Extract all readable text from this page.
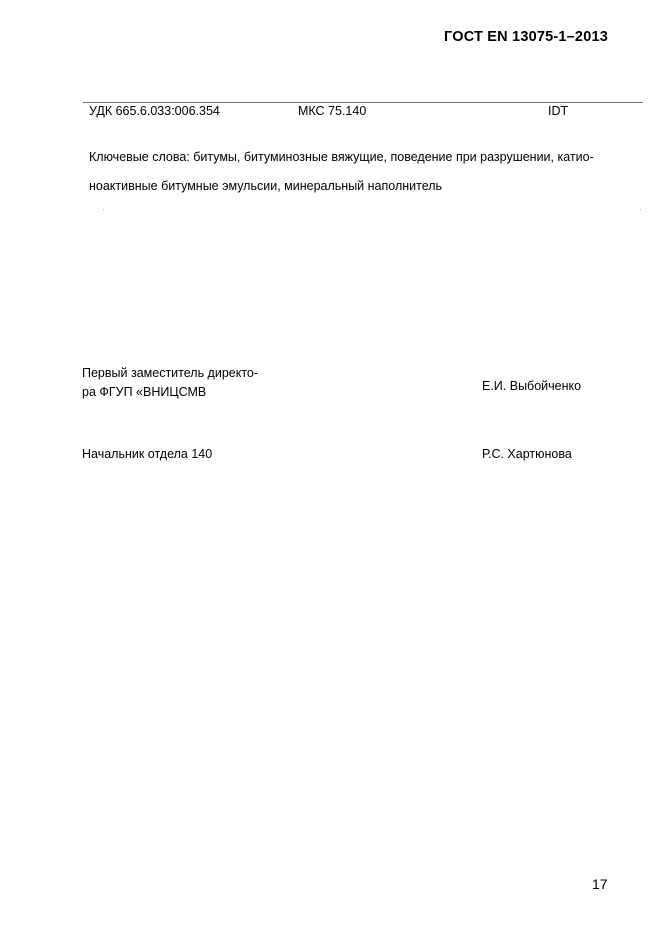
ГОСТ EN 13075-1–2013
УДК 665.6.033:006.354	МКС 75.140	IDT
Ключевые слова: битумы, битуминозные вяжущие, поведение при разрушении, катио-
ноактивные битумные эмульсии, минеральный наполнитель
Первый заместитель директо-
ра ФГУП «ВНИЦСМВ	Е.И. Выбойченко
Начальник отдела 140	Р.С. Хартюнова
17
